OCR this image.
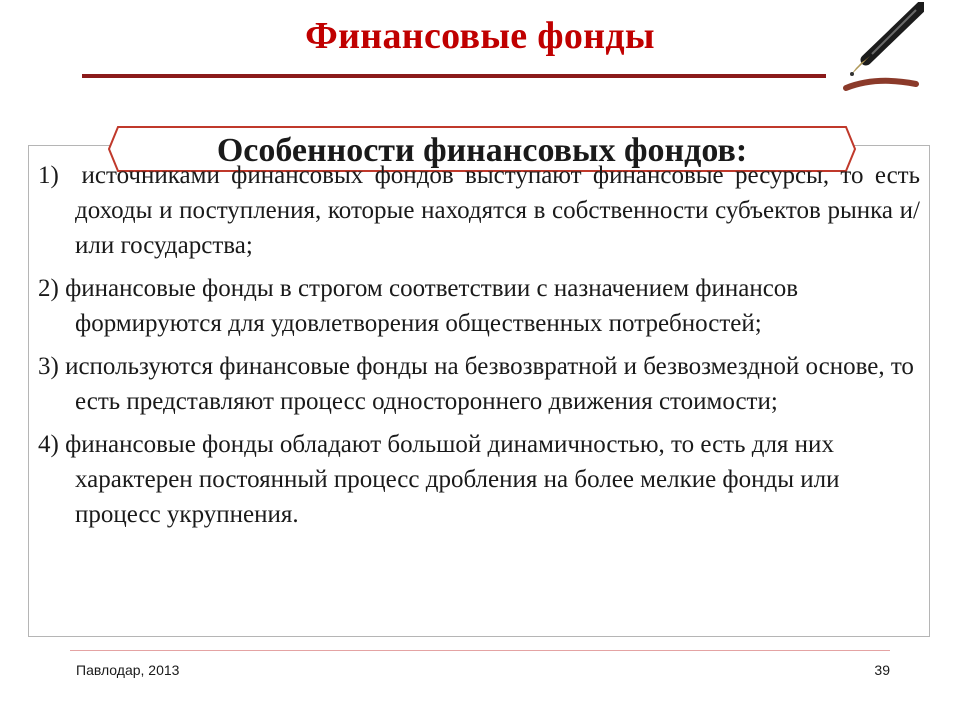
Финансовые фонды
Особенности финансовых фондов:
1) источниками финансовых фондов выступают финансовые ресурсы, то есть доходы и поступления, которые находятся в собственности субъектов рынка и/или государства;
2) финансовые фонды в строгом соответствии с назначением финансов формируются для удовлетворения общественных потребностей;
3) используются финансовые фонды на безвозвратной и безвозмездной основе, то есть представляют процесс одностороннего движения стоимости;
4) финансовые фонды обладают большой динамичностью, то есть для них характерен постоянный процесс дробления на более мелкие фонды или процесс укрупнения.
Павлодар, 2013	39
